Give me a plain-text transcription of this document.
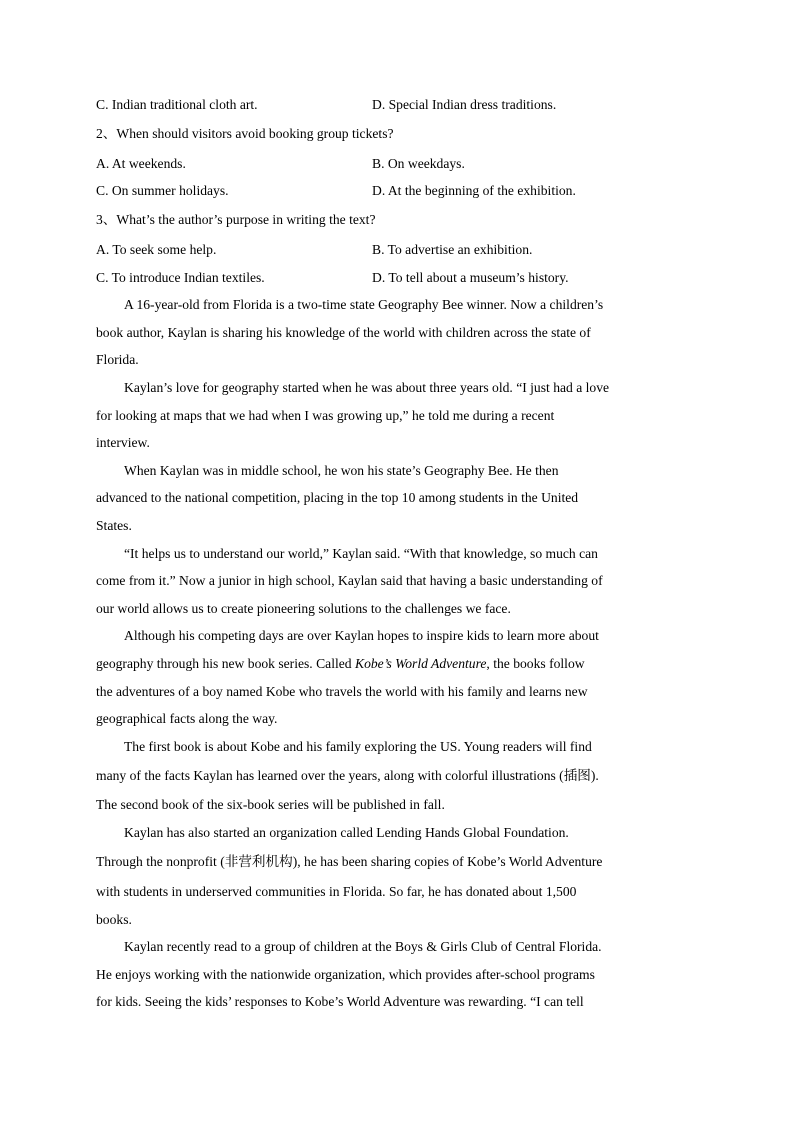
C. Indian traditional cloth art.	D. Special Indian dress traditions.
2、When should visitors avoid booking group tickets?
A. At weekends.	B. On weekdays.
C. On summer holidays.	D. At the beginning of the exhibition.
3、What’s the author’s purpose in writing the text?
A. To seek some help.	B. To advertise an exhibition.
C. To introduce Indian textiles.	D. To tell about a museum’s history.
A 16-year-old from Florida is a two-time state Geography Bee winner. Now a children’s
book author, Kaylan is sharing his knowledge of the world with children across the state of
Florida.
Kaylan’s love for geography started when he was about three years old. “I just had a love
for looking at maps that we had when I was growing up,” he told me during a recent
interview.
When Kaylan was in middle school, he won his state’s Geography Bee. He then
advanced to the national competition, placing in the top 10 among students in the United
States.
“It helps us to understand our world,” Kaylan said. “With that knowledge, so much can
come from it.” Now a junior in high school, Kaylan said that having a basic understanding of
our world allows us to create pioneering solutions to the challenges we face.
Although his competing days are over Kaylan hopes to inspire kids to learn more about
geography through his new book series. Called Kobe’s World Adventure, the books follow
the adventures of a boy named Kobe who travels the world with his family and learns new
geographical facts along the way.
The first book is about Kobe and his family exploring the US. Young readers will find
many of the facts Kaylan has learned over the years, along with colorful illustrations (插图).
The second book of the six-book series will be published in fall.
Kaylan has also started an organization called Lending Hands Global Foundation.
Through the nonprofit (非营利机构), he has been sharing copies of Kobe’s World Adventure
with students in underserved communities in Florida. So far, he has donated about 1,500
books.
Kaylan recently read to a group of children at the Boys & Girls Club of Central Florida.
He enjoys working with the nationwide organization, which provides after-school programs
for kids. Seeing the kids’ responses to Kobe’s World Adventure was rewarding. “I can tell
